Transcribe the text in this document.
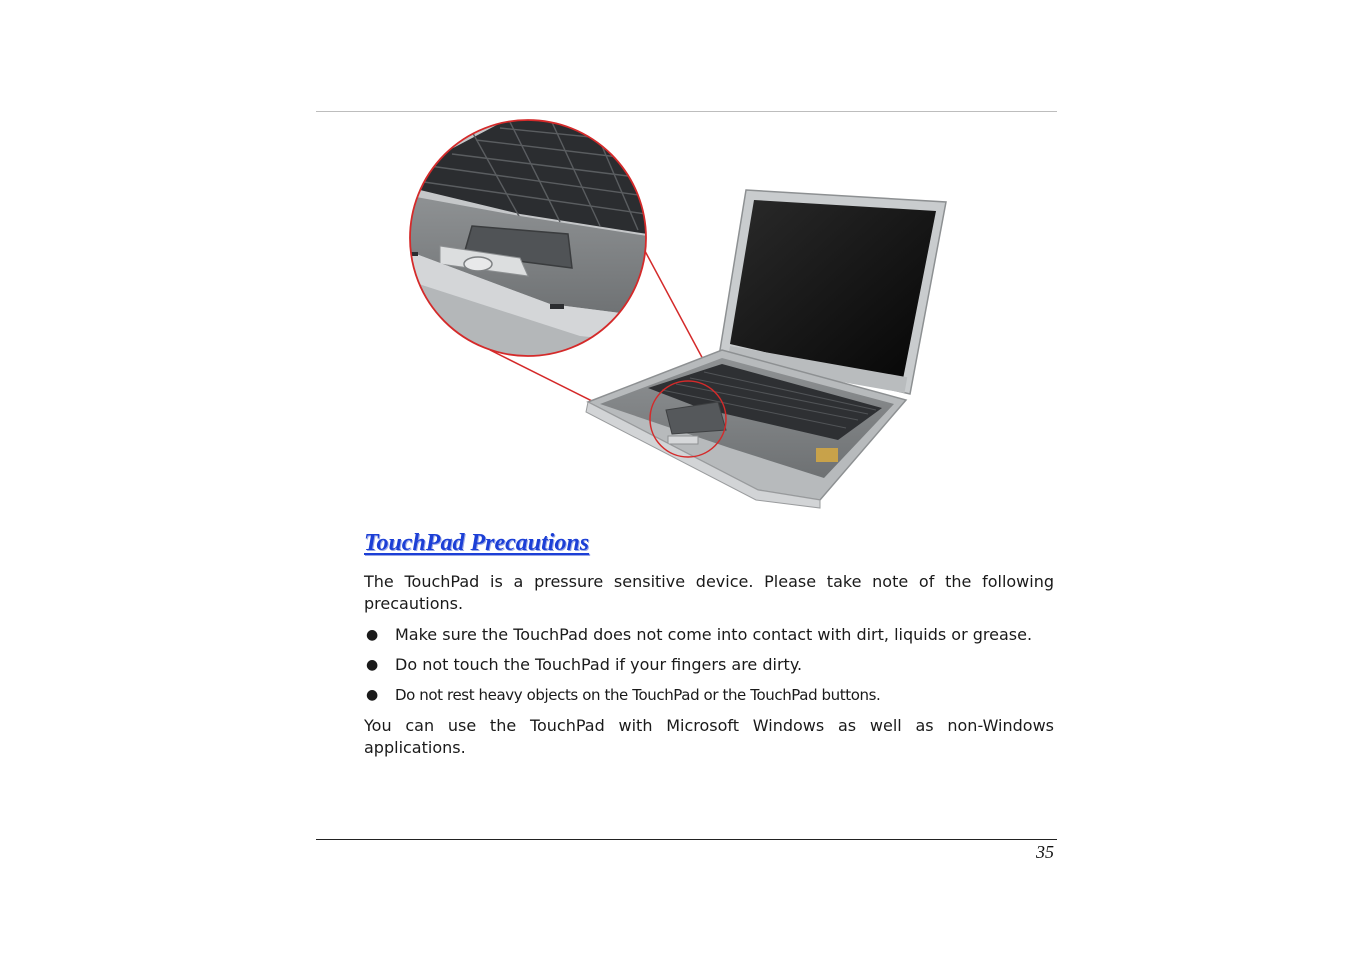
TouchPad Precautions

The TouchPad is a pressure sensitive device. Please take note of the following precautions.

● Make sure the TouchPad does not come into contact with dirt, liquids or grease.
● Do not touch the TouchPad if your fingers are dirty.
● Do not rest heavy objects on the TouchPad or the TouchPad buttons.

You can use the TouchPad with Microsoft Windows as well as non-Windows applications.

35
